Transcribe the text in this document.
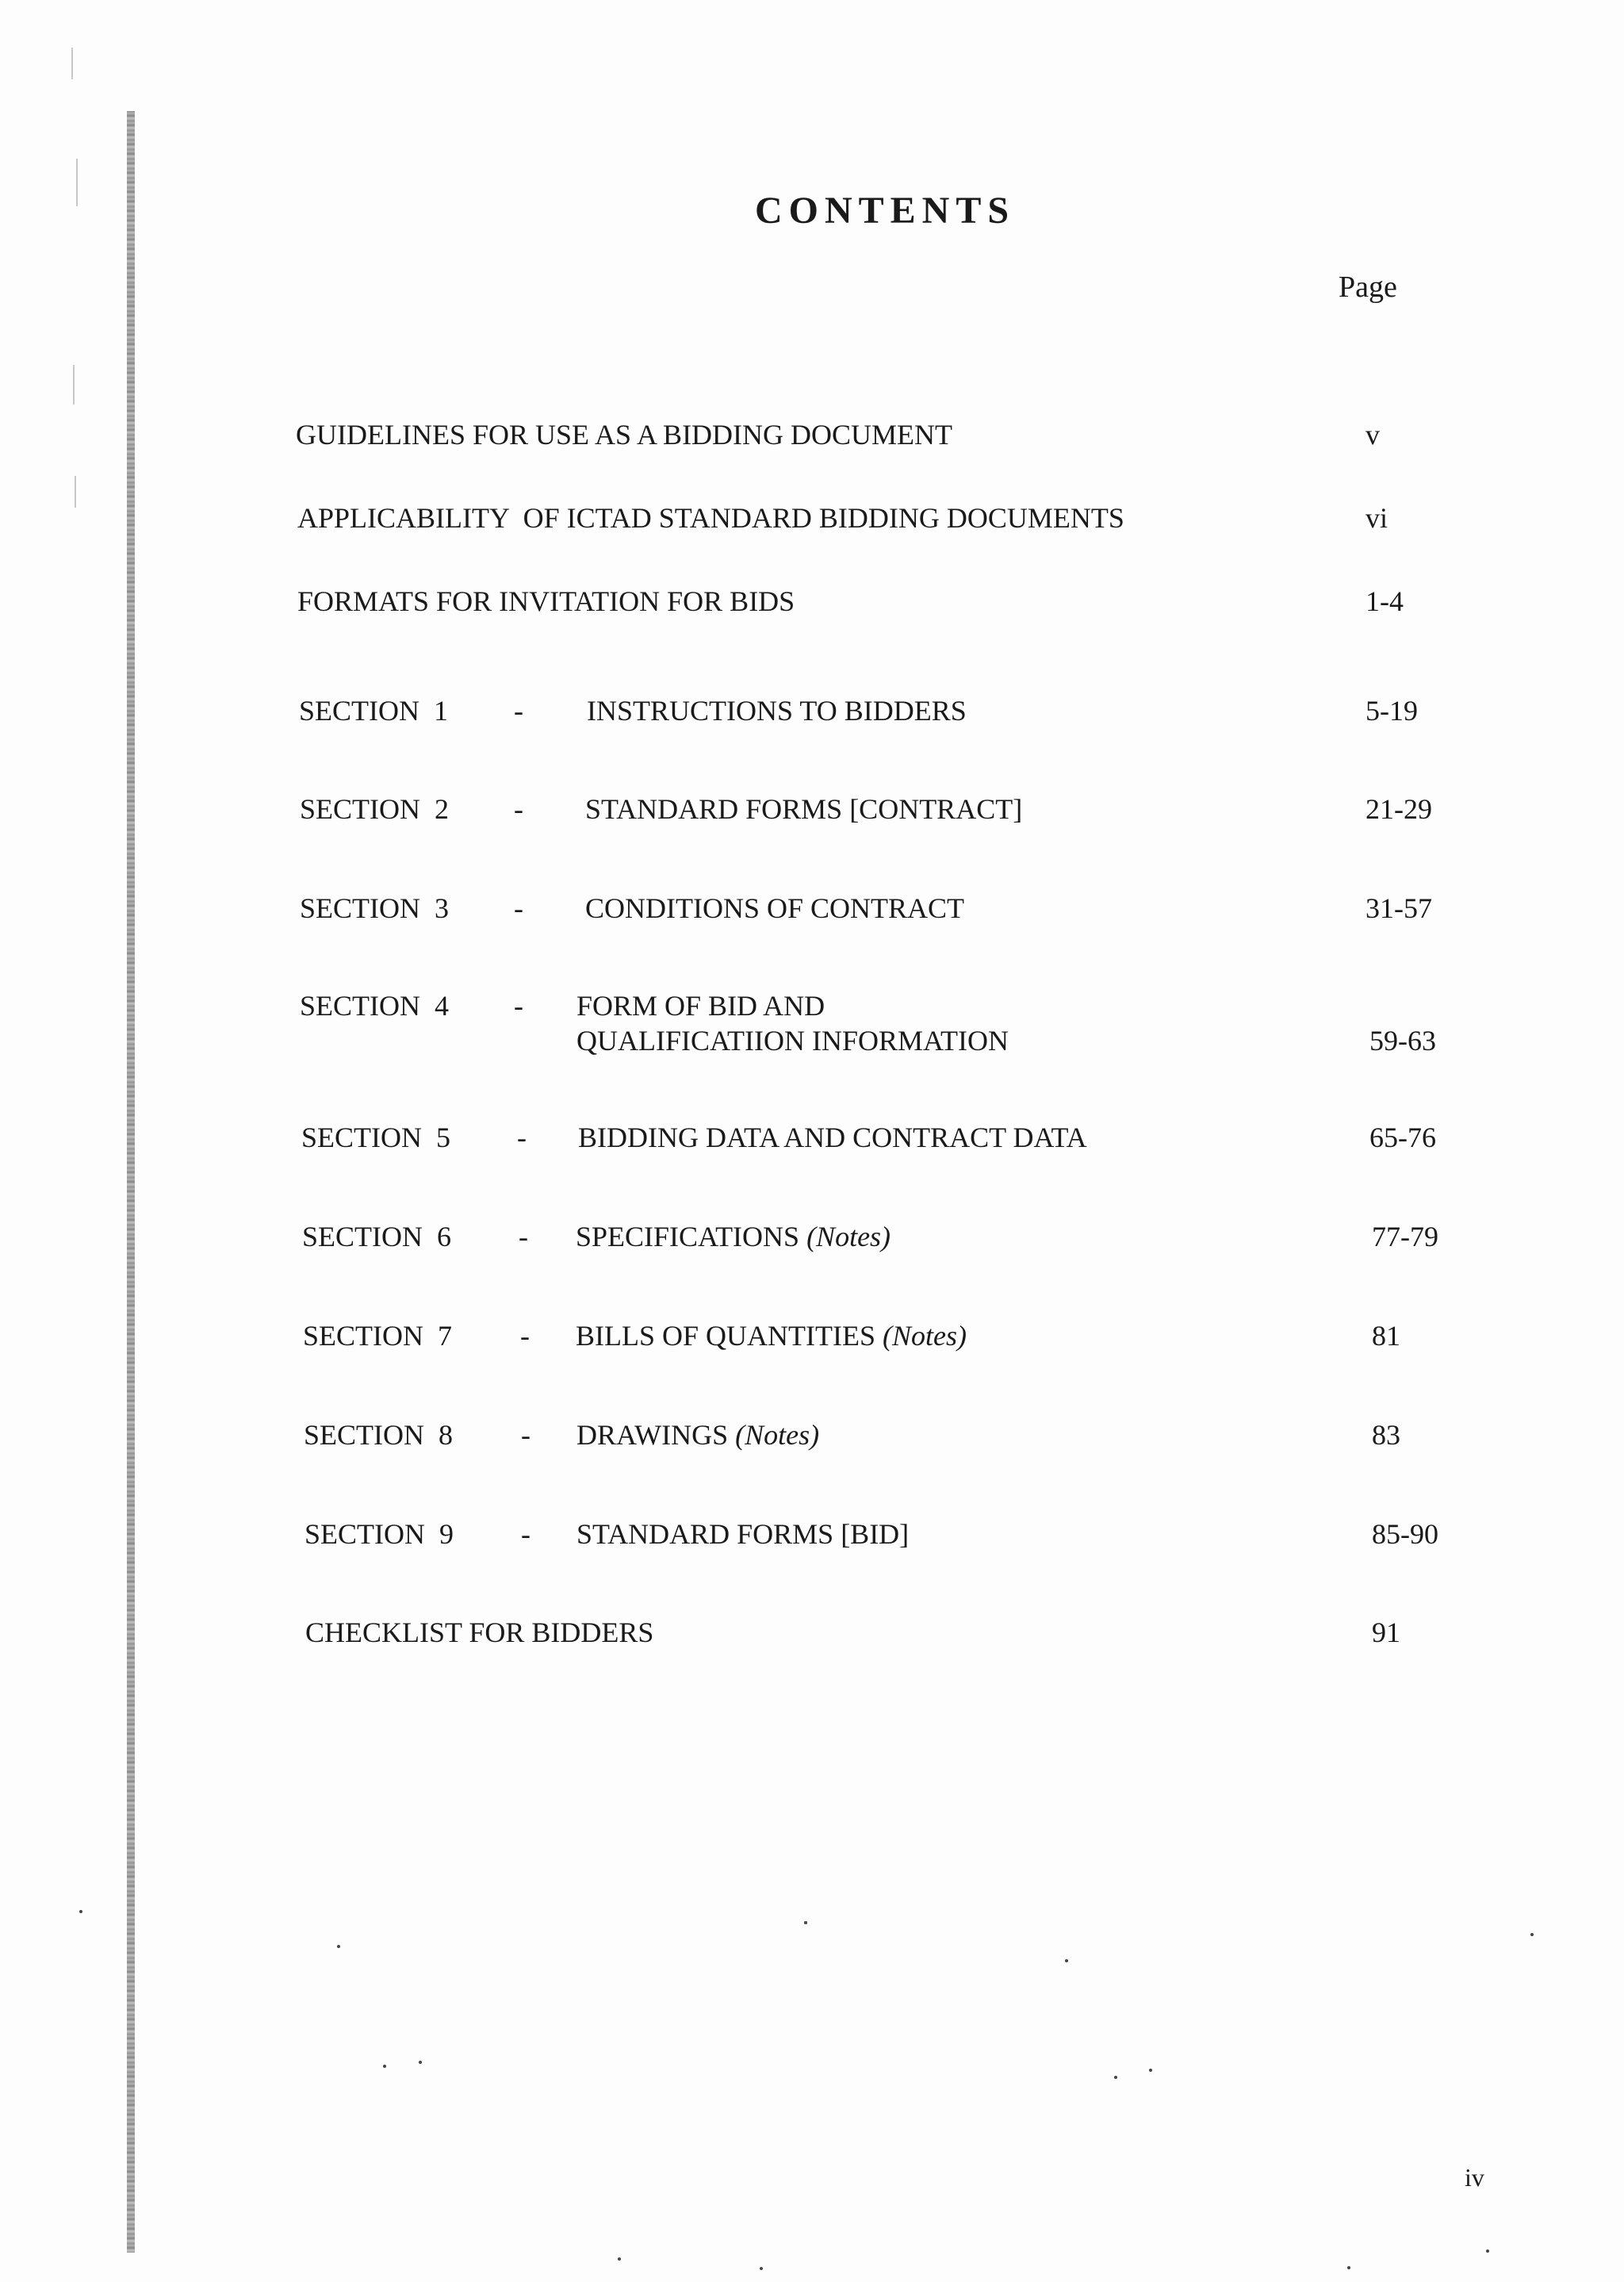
CONTENTS
Page
GUIDELINES FOR USE AS A BIDDING DOCUMENT	v
APPLICABILITY  OF ICTAD STANDARD BIDDING DOCUMENTS	vi
FORMATS FOR INVITATION FOR BIDS	1-4
SECTION  1 - INSTRUCTIONS TO BIDDERS	5-19
SECTION  2 - STANDARD FORMS [CONTRACT]	21-29
SECTION  3 - CONDITIONS OF CONTRACT	31-57
SECTION  4 - FORM OF BID AND
QUALIFICATIION INFORMATION	59-63
SECTION  5 - BIDDING DATA AND CONTRACT DATA	65-76
SECTION  6 - SPECIFICATIONS (Notes)	77-79
SECTION  7 - BILLS OF QUANTITIES (Notes)	81
SECTION  8 - DRAWINGS (Notes)	83
SECTION  9 - STANDARD FORMS [BID]	85-90
CHECKLIST FOR BIDDERS	91
iv
